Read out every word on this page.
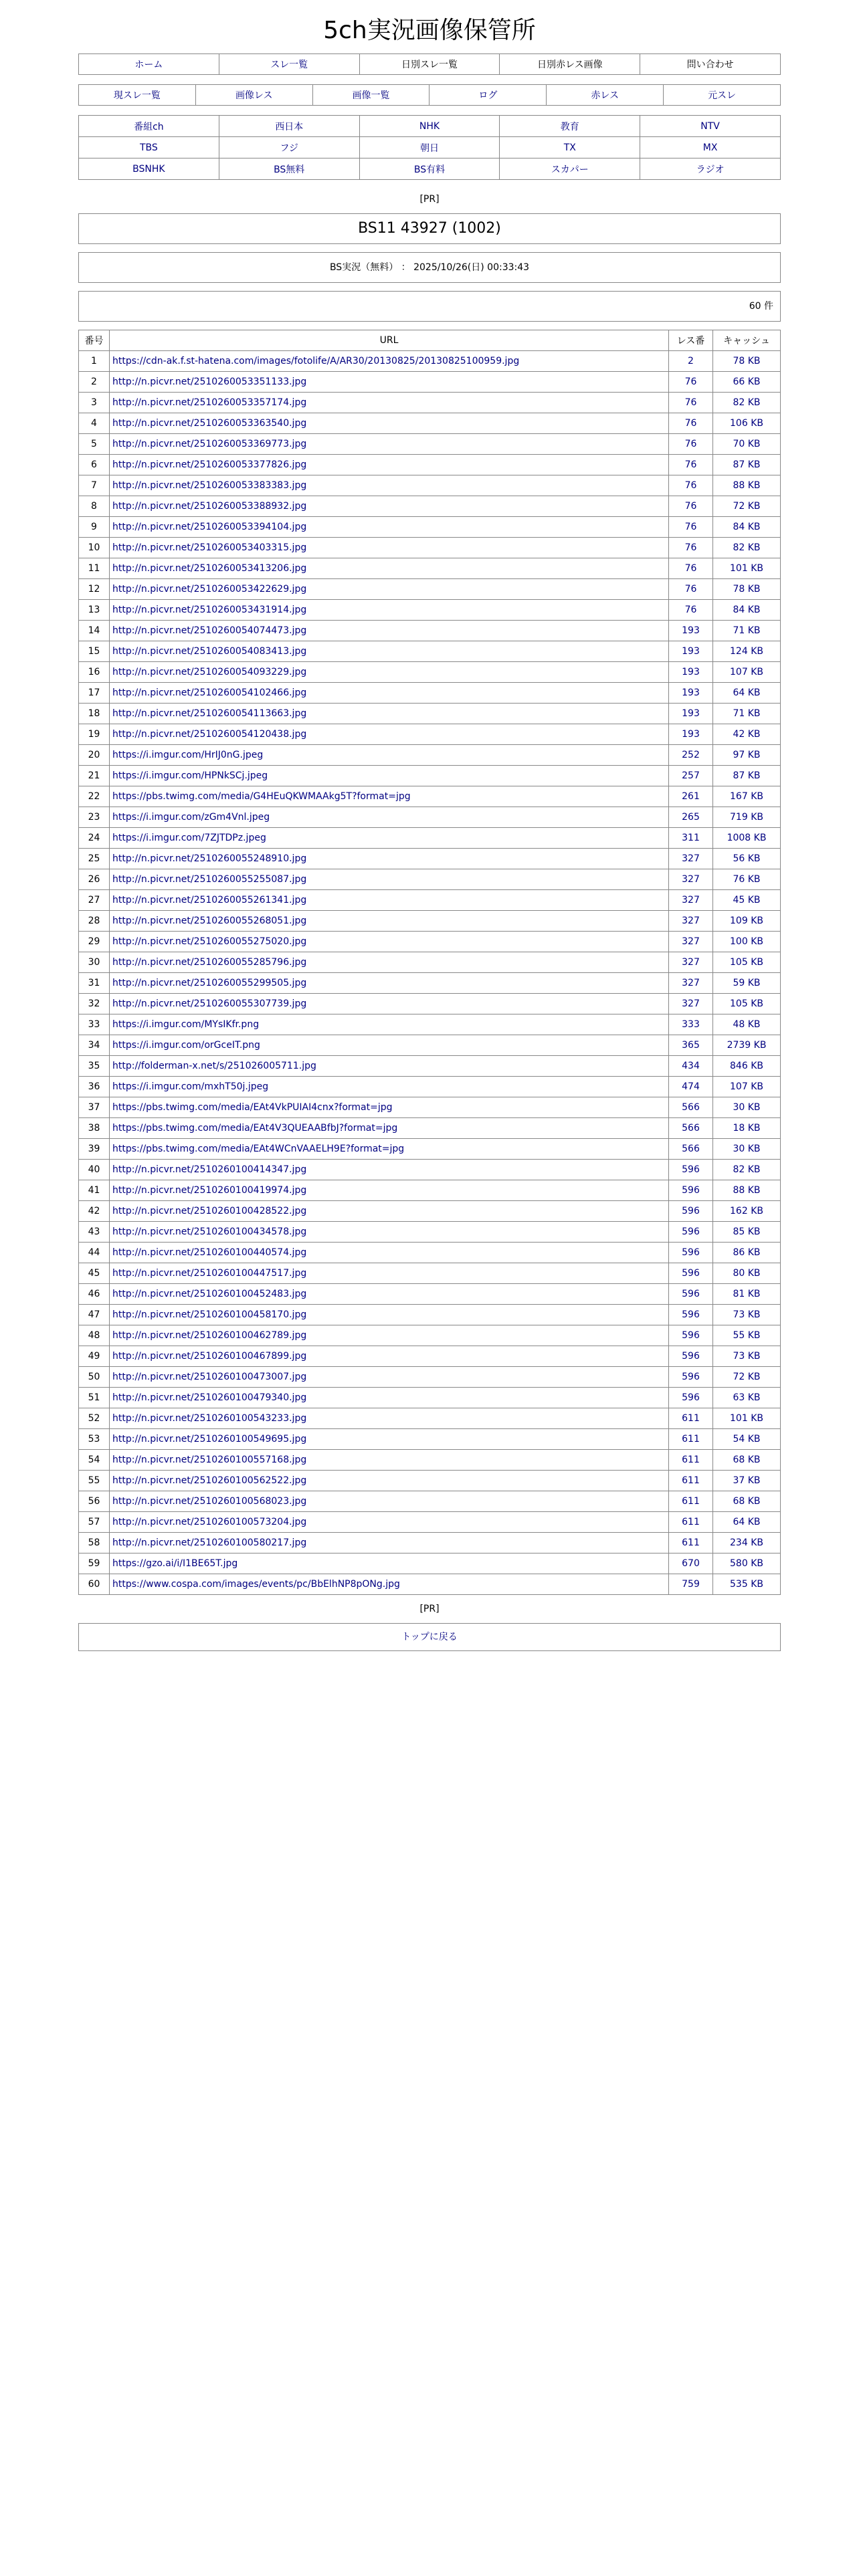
5ch実況画像保管所
ホーム	スレ一覧	日別スレ一覧	日別赤レス画像	問い合わせ
現スレ一覧	画像レス	画像一覧	ログ	赤レス	元スレ
番組ch	西日本	NHK	教育	NTV
TBS	フジ	朝日	TX	MX
BSNHK	BS無料	BS有料	スカパー	ラジオ
[PR]
BS11 43927 (1002)
BS実況（無料） ： 2025/10/26(日) 00:33:43
60 件
番号	URL	レス番	キャッシュ
1	https://cdn-ak.f.st-hatena.com/images/fotolife/A/AR30/20130825/20130825100959.jpg	2	78 KB
2	http://n.picvr.net/2510260053351133.jpg	76	66 KB
3	http://n.picvr.net/2510260053357174.jpg	76	82 KB
4	http://n.picvr.net/2510260053363540.jpg	76	106 KB
5	http://n.picvr.net/2510260053369773.jpg	76	70 KB
6	http://n.picvr.net/2510260053377826.jpg	76	87 KB
7	http://n.picvr.net/2510260053383383.jpg	76	88 KB
8	http://n.picvr.net/2510260053388932.jpg	76	72 KB
9	http://n.picvr.net/2510260053394104.jpg	76	84 KB
10	http://n.picvr.net/2510260053403315.jpg	76	82 KB
11	http://n.picvr.net/2510260053413206.jpg	76	101 KB
12	http://n.picvr.net/2510260053422629.jpg	76	78 KB
13	http://n.picvr.net/2510260053431914.jpg	76	84 KB
14	http://n.picvr.net/2510260054074473.jpg	193	71 KB
15	http://n.picvr.net/2510260054083413.jpg	193	124 KB
16	http://n.picvr.net/2510260054093229.jpg	193	107 KB
17	http://n.picvr.net/2510260054102466.jpg	193	64 KB
18	http://n.picvr.net/2510260054113663.jpg	193	71 KB
19	http://n.picvr.net/2510260054120438.jpg	193	42 KB
20	https://i.imgur.com/HrIJ0nG.jpeg	252	97 KB
21	https://i.imgur.com/HPNkSCj.jpeg	257	87 KB
22	https://pbs.twimg.com/media/G4HEuQKWMAAkg5T?format=jpg	261	167 KB
23	https://i.imgur.com/zGm4Vnl.jpeg	265	719 KB
24	https://i.imgur.com/7ZJTDPz.jpeg	311	1008 KB
25	http://n.picvr.net/2510260055248910.jpg	327	56 KB
26	http://n.picvr.net/2510260055255087.jpg	327	76 KB
27	http://n.picvr.net/2510260055261341.jpg	327	45 KB
28	http://n.picvr.net/2510260055268051.jpg	327	109 KB
29	http://n.picvr.net/2510260055275020.jpg	327	100 KB
30	http://n.picvr.net/2510260055285796.jpg	327	105 KB
31	http://n.picvr.net/2510260055299505.jpg	327	59 KB
32	http://n.picvr.net/2510260055307739.jpg	327	105 KB
33	https://i.imgur.com/MYsIKfr.png	333	48 KB
34	https://i.imgur.com/orGceIT.png	365	2739 KB
35	http://folderman-x.net/s/251026005711.jpg	434	846 KB
36	https://i.imgur.com/mxhT50j.jpeg	474	107 KB
37	https://pbs.twimg.com/media/EAt4VkPUIAI4cnx?format=jpg	566	30 KB
38	https://pbs.twimg.com/media/EAt4V3QUEAABfbJ?format=jpg	566	18 KB
39	https://pbs.twimg.com/media/EAt4WCnVAAELH9E?format=jpg	566	30 KB
40	http://n.picvr.net/2510260100414347.jpg	596	82 KB
41	http://n.picvr.net/2510260100419974.jpg	596	88 KB
42	http://n.picvr.net/2510260100428522.jpg	596	162 KB
43	http://n.picvr.net/2510260100434578.jpg	596	85 KB
44	http://n.picvr.net/2510260100440574.jpg	596	86 KB
45	http://n.picvr.net/2510260100447517.jpg	596	80 KB
46	http://n.picvr.net/2510260100452483.jpg	596	81 KB
47	http://n.picvr.net/2510260100458170.jpg	596	73 KB
48	http://n.picvr.net/2510260100462789.jpg	596	55 KB
49	http://n.picvr.net/2510260100467899.jpg	596	73 KB
50	http://n.picvr.net/2510260100473007.jpg	596	72 KB
51	http://n.picvr.net/2510260100479340.jpg	596	63 KB
52	http://n.picvr.net/2510260100543233.jpg	611	101 KB
53	http://n.picvr.net/2510260100549695.jpg	611	54 KB
54	http://n.picvr.net/2510260100557168.jpg	611	68 KB
55	http://n.picvr.net/2510260100562522.jpg	611	37 KB
56	http://n.picvr.net/2510260100568023.jpg	611	68 KB
57	http://n.picvr.net/2510260100573204.jpg	611	64 KB
58	http://n.picvr.net/2510260100580217.jpg	611	234 KB
59	https://gzo.ai/i/I1BE65T.jpg	670	580 KB
60	https://www.cospa.com/images/events/pc/BbElhNP8pONg.jpg	759	535 KB
[PR]
トップに戻る
